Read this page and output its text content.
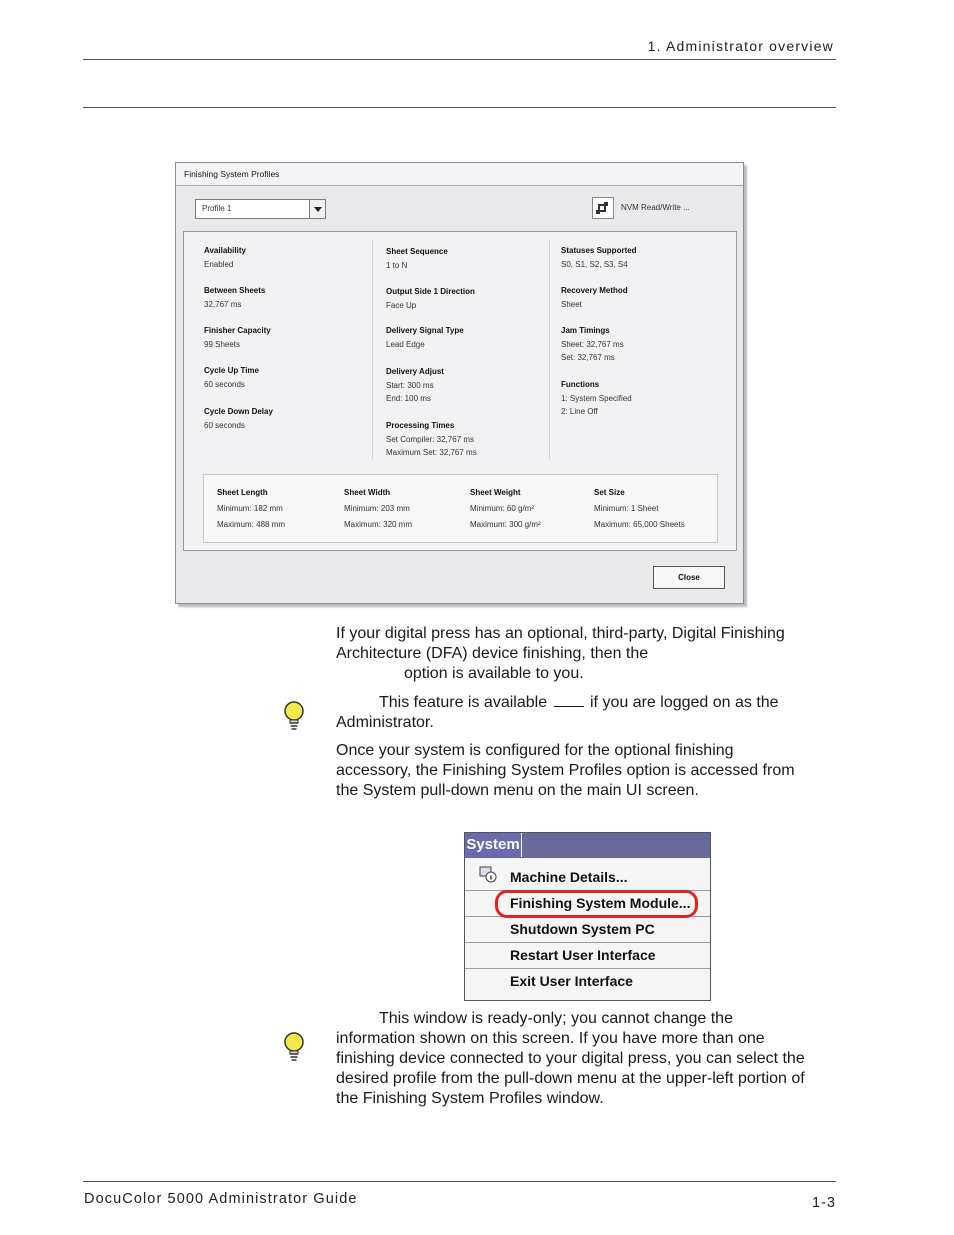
1. Administrator overview
DocuColor 5000 Administrator Guide	1-3
Finishing System Profiles
Profile 1	NVM Read/Write ...
Availability
Enabled
Between Sheets
32,767 ms
Finisher Capacity
99 Sheets
Cycle Up Time
60 seconds
Cycle Down Delay
60 seconds
Sheet Sequence
1 to N
Output Side 1 Direction
Face Up
Delivery Signal Type
Lead Edge
Delivery Adjust
Start: 300 ms
End: 100 ms
Processing Times
Set Compiler: 32,767 ms
Maximum Set: 32,767 ms
Statuses Supported
S0, S1, S2, S3, S4
Recovery Method
Sheet
Jam Timings
Sheet: 32,767 ms
Set: 32,767 ms
Functions
1: System Specified
2: Line Off
Sheet Length
Minimum: 182 mm
Maximum: 488 mm
Sheet Width
Minimum: 203 mm
Maximum: 320 mm
Sheet Weight
Minimum: 60 g/m²
Maximum: 300 g/m²
Set Size
Minimum: 1 Sheet
Maximum: 65,000 Sheets
Close
If your digital press has an optional, third-party, Digital Finishing
Architecture (DFA) device finishing, then the
option is available to you.
This feature is available	if you are logged on as the
Administrator.
Once your system is configured for the optional finishing
accessory, the Finishing System Profiles option is accessed from
the System pull-down menu on the main UI screen.
System
Machine Details...
Finishing System Module...
Shutdown System PC
Restart User Interface
Exit User Interface
This window is ready-only; you cannot change the
information shown on this screen. If you have more than one
finishing device connected to your digital press, you can select the
desired profile from the pull-down menu at the upper-left portion of
the Finishing System Profiles window.
